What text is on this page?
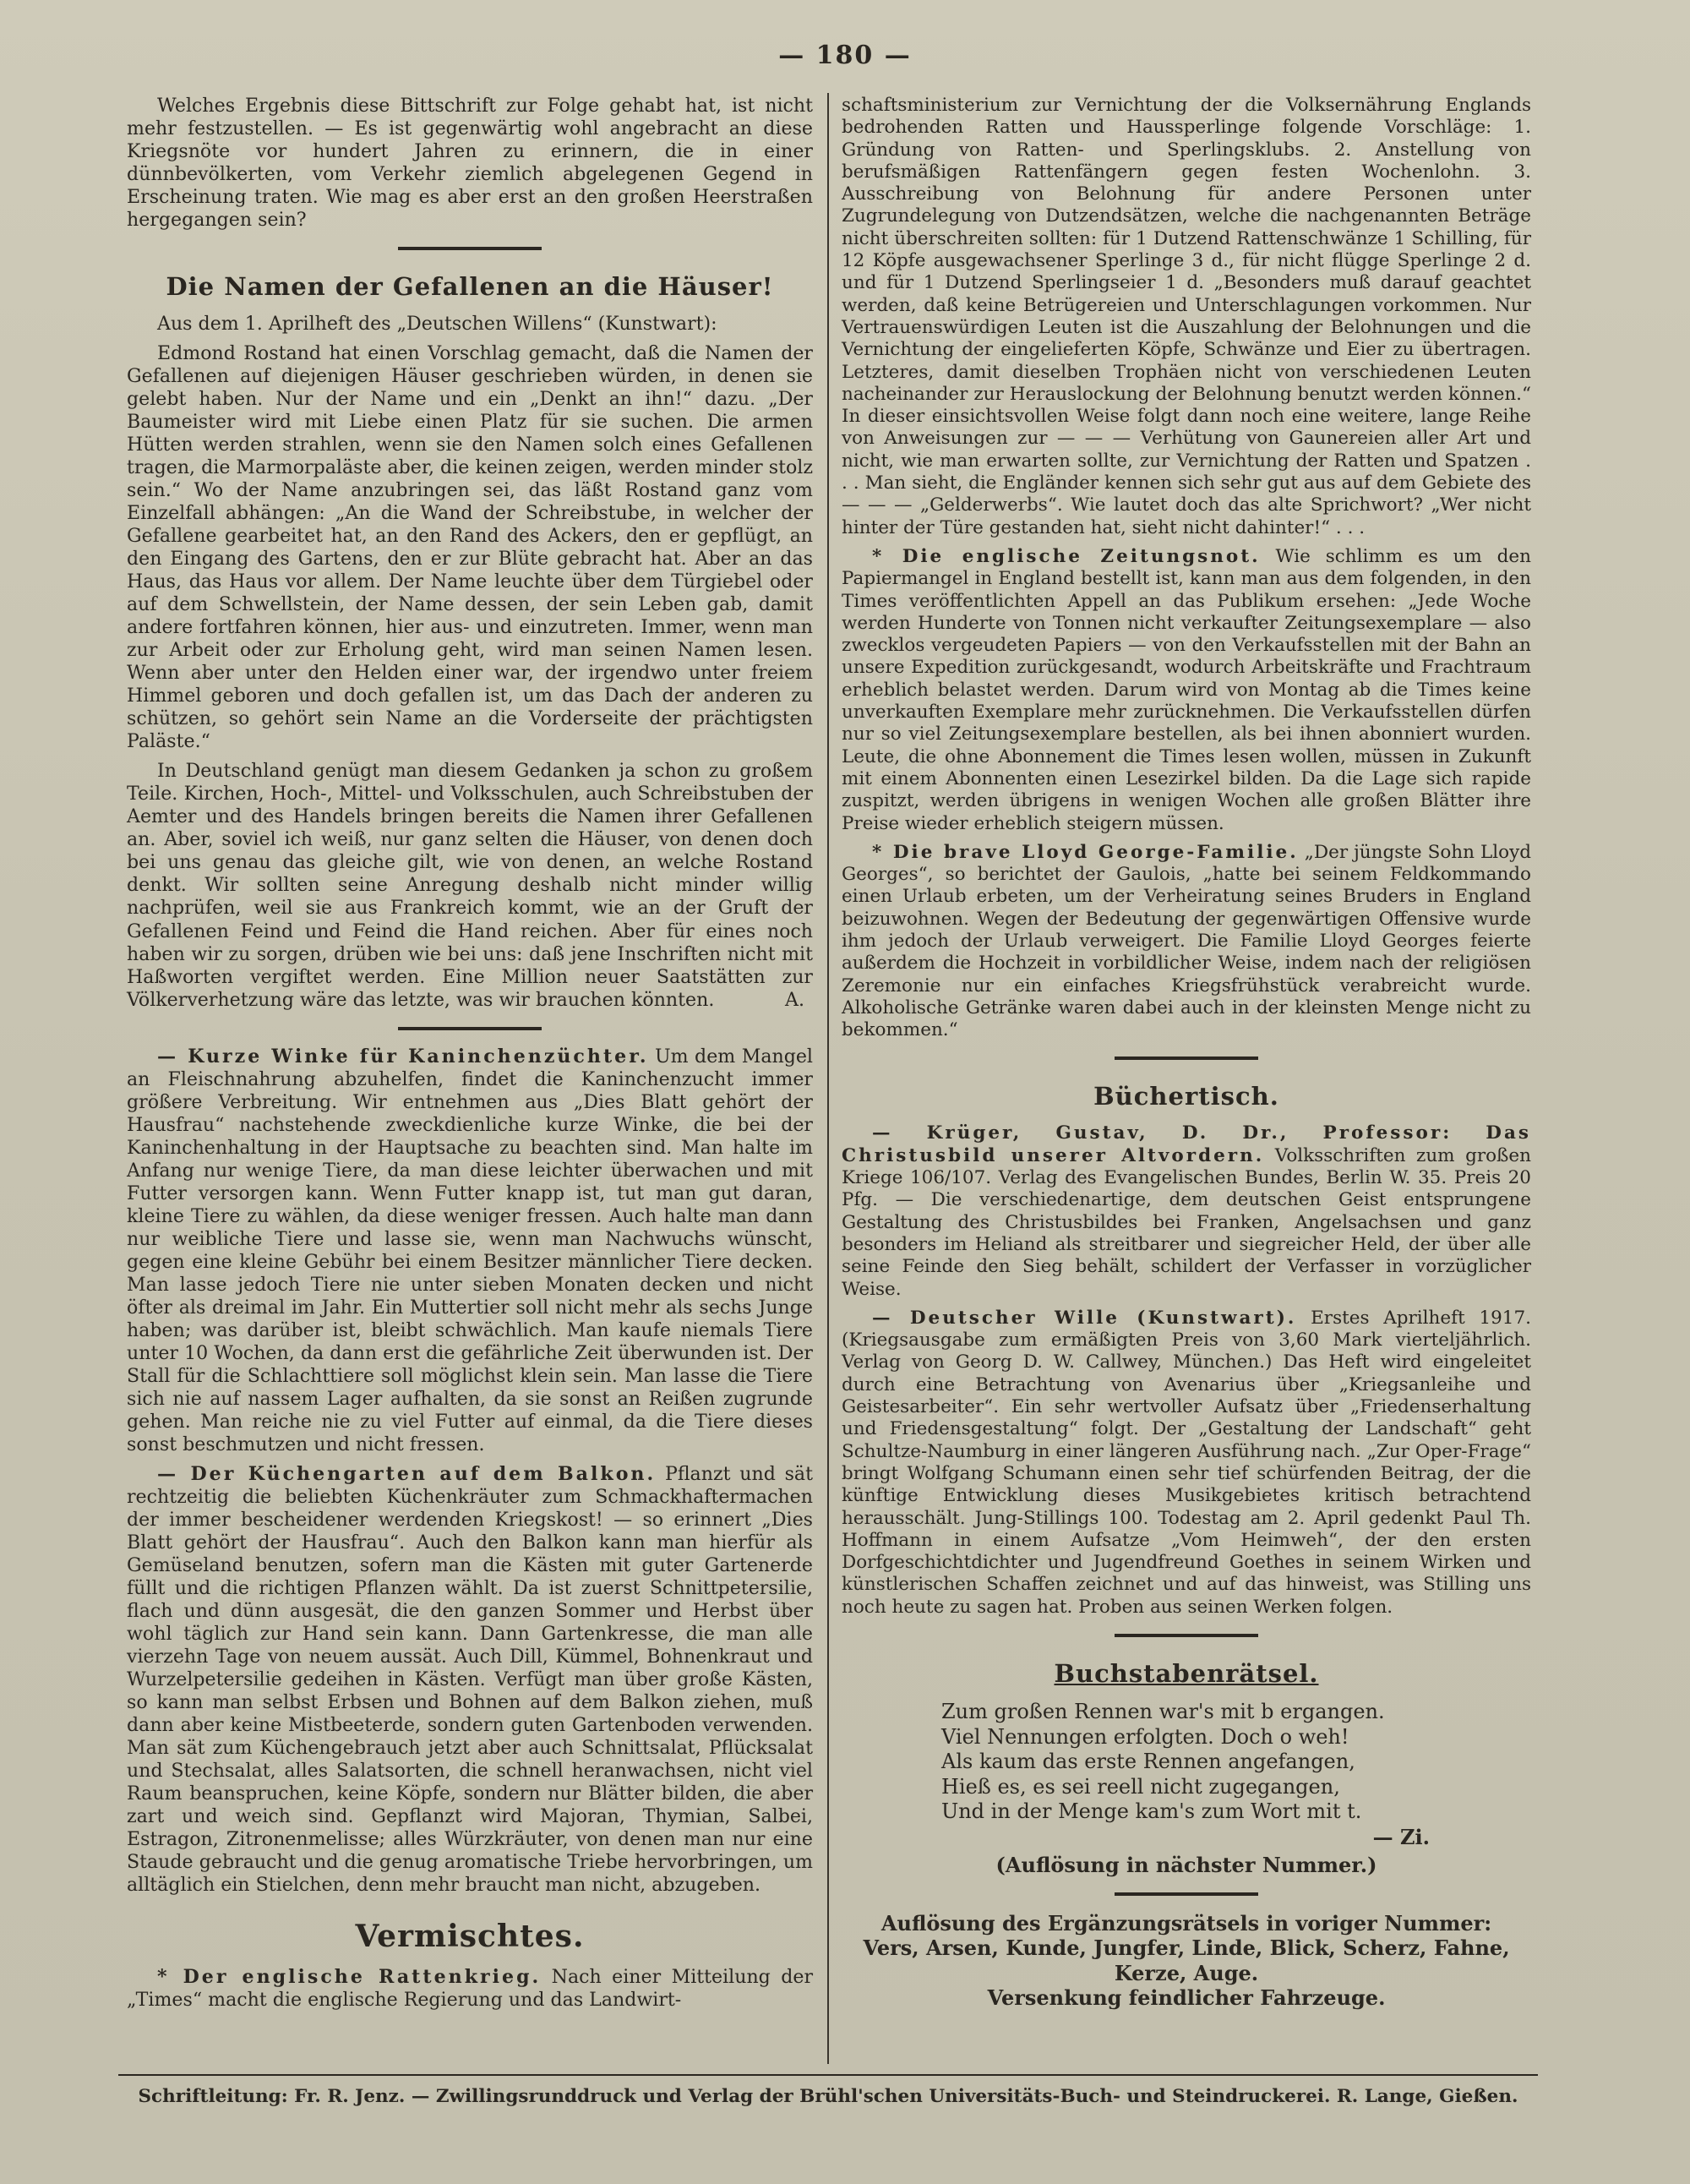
— 180 —

Welches Ergebnis diese Bittschrift zur Folge gehabt hat, ist nicht mehr festzustellen. — Es ist gegenwärtig wohl angebracht an diese Kriegsnöte vor hundert Jahren zu erinnern, die in einer dünnbevölkerten, vom Verkehr ziemlich abgelegenen Gegend in Erscheinung traten. Wie mag es aber erst an den großen Heerstraßen hergegangen sein?

Die Namen der Gefallenen an die Häuser!

Aus dem 1. Aprilheft des „Deutschen Willens“ (Kunstwart):

Edmond Rostand hat einen Vorschlag gemacht, daß die Namen der Gefallenen auf diejenigen Häuser geschrieben würden, in denen sie gelebt haben. Nur der Name und ein „Denkt an ihn!“ dazu. „Der Baumeister wird mit Liebe einen Platz für sie suchen. Die armen Hütten werden strahlen, wenn sie den Namen solch eines Gefallenen tragen, die Marmorpaläste aber, die keinen zeigen, werden minder stolz sein.“ Wo der Name anzubringen sei, das läßt Rostand ganz vom Einzelfall abhängen: „An die Wand der Schreibstube, in welcher der Gefallene gearbeitet hat, an den Rand des Ackers, den er gepflügt, an den Eingang des Gartens, den er zur Blüte gebracht hat. Aber an das Haus, das Haus vor allem. Der Name leuchte über dem Türgiebel oder auf dem Schwellstein, der Name dessen, der sein Leben gab, damit andere fortfahren können, hier aus- und einzutreten. Immer, wenn man zur Arbeit oder zur Erholung geht, wird man seinen Namen lesen. Wenn aber unter den Helden einer war, der irgendwo unter freiem Himmel geboren und doch gefallen ist, um das Dach der anderen zu schützen, so gehört sein Name an die Vorderseite der prächtigsten Paläste.“

In Deutschland genügt man diesem Gedanken ja schon zu großem Teile. Kirchen, Hoch-, Mittel- und Volksschulen, auch Schreibstuben der Aemter und des Handels bringen bereits die Namen ihrer Gefallenen an. Aber, soviel ich weiß, nur ganz selten die Häuser, von denen doch bei uns genau das gleiche gilt, wie von denen, an welche Rostand denkt. Wir sollten seine Anregung deshalb nicht minder willig nachprüfen, weil sie aus Frankreich kommt, wie an der Gruft der Gefallenen Feind und Feind die Hand reichen. Aber für eines noch haben wir zu sorgen, drüben wie bei uns: daß jene Inschriften nicht mit Haßworten vergiftet werden. Eine Million neuer Saatstätten zur Völkerverhetzung wäre das letzte, was wir brauchen könnten.	A.

— Kurze Winke für Kaninchenzüchter. Um dem Mangel an Fleischnahrung abzuhelfen, findet die Kaninchenzucht immer größere Verbreitung. Wir entnehmen aus „Dies Blatt gehört der Hausfrau“ nachstehende zweckdienliche kurze Winke, die bei der Kaninchenhaltung in der Hauptsache zu beachten sind. Man halte im Anfang nur wenige Tiere, da man diese leichter überwachen und mit Futter versorgen kann. Wenn Futter knapp ist, tut man gut daran, kleine Tiere zu wählen, da diese weniger fressen. Auch halte man dann nur weibliche Tiere und lasse sie, wenn man Nachwuchs wünscht, gegen eine kleine Gebühr bei einem Besitzer männlicher Tiere decken. Man lasse jedoch Tiere nie unter sieben Monaten decken und nicht öfter als dreimal im Jahr. Ein Muttertier soll nicht mehr als sechs Junge haben; was darüber ist, bleibt schwächlich. Man kaufe niemals Tiere unter 10 Wochen, da dann erst die gefährliche Zeit überwunden ist. Der Stall für die Schlachttiere soll möglichst klein sein. Man lasse die Tiere sich nie auf nassem Lager aufhalten, da sie sonst an Reißen zugrunde gehen. Man reiche nie zu viel Futter auf einmal, da die Tiere dieses sonst beschmutzen und nicht fressen.

— Der Küchengarten auf dem Balkon. Pflanzt und sät rechtzeitig die beliebten Küchenkräuter zum Schmackhaftermachen der immer bescheidener werdenden Kriegskost! — so erinnert „Dies Blatt gehört der Hausfrau“. Auch den Balkon kann man hierfür als Gemüseland benutzen, sofern man die Kästen mit guter Gartenerde füllt und die richtigen Pflanzen wählt. Da ist zuerst Schnittpetersilie, flach und dünn ausgesät, die den ganzen Sommer und Herbst über wohl täglich zur Hand sein kann. Dann Gartenkresse, die man alle vierzehn Tage von neuem aussät. Auch Dill, Kümmel, Bohnenkraut und Wurzelpetersilie gedeihen in Kästen. Verfügt man über große Kästen, so kann man selbst Erbsen und Bohnen auf dem Balkon ziehen, muß dann aber keine Mistbeeterde, sondern guten Gartenboden verwenden. Man sät zum Küchengebrauch jetzt aber auch Schnittsalat, Pflücksalat und Stechsalat, alles Salatsorten, die schnell heranwachsen, nicht viel Raum beanspruchen, keine Köpfe, sondern nur Blätter bilden, die aber zart und weich sind. Gepflanzt wird Majoran, Thymian, Salbei, Estragon, Zitronenmelisse; alles Würzkräuter, von denen man nur eine Staude gebraucht und die genug aromatische Triebe hervorbringen, um alltäglich ein Stielchen, denn mehr braucht man nicht, abzugeben.

Vermischtes.

* Der englische Rattenkrieg. Nach einer Mitteilung der „Times“ macht die englische Regierung und das Landwirt-

schaftsministerium zur Vernichtung der die Volksernährung Englands bedrohenden Ratten und Haussperlinge folgende Vorschläge: 1. Gründung von Ratten- und Sperlingsklubs. 2. Anstellung von berufsmäßigen Rattenfängern gegen festen Wochenlohn. 3. Ausschreibung von Belohnung für andere Personen unter Zugrundelegung von Dutzendsätzen, welche die nachgenannten Beträge nicht überschreiten sollten: für 1 Dutzend Rattenschwänze 1 Schilling, für 12 Köpfe ausgewachsener Sperlinge 3 d., für nicht flügge Sperlinge 2 d. und für 1 Dutzend Sperlingseier 1 d. „Besonders muß darauf geachtet werden, daß keine Betrügereien und Unterschlagungen vorkommen. Nur Vertrauenswürdigen Leuten ist die Auszahlung der Belohnungen und die Vernichtung der eingelieferten Köpfe, Schwänze und Eier zu übertragen. Letzteres, damit dieselben Trophäen nicht von verschiedenen Leuten nacheinander zur Herauslockung der Belohnung benutzt werden können.“ In dieser einsichtsvollen Weise folgt dann noch eine weitere, lange Reihe von Anweisungen zur — — — Verhütung von Gaunereien aller Art und nicht, wie man erwarten sollte, zur Vernichtung der Ratten und Spatzen . . . Man sieht, die Engländer kennen sich sehr gut aus auf dem Gebiete des — — — „Gelderwerbs“. Wie lautet doch das alte Sprichwort? „Wer nicht hinter der Türe gestanden hat, sieht nicht dahinter!“ . . .

* Die englische Zeitungsnot. Wie schlimm es um den Papiermangel in England bestellt ist, kann man aus dem folgenden, in den Times veröffentlichten Appell an das Publikum ersehen: „Jede Woche werden Hunderte von Tonnen nicht verkaufter Zeitungsexemplare — also zwecklos vergeudeten Papiers — von den Verkaufsstellen mit der Bahn an unsere Expedition zurückgesandt, wodurch Arbeitskräfte und Frachtraum erheblich belastet werden. Darum wird von Montag ab die Times keine unverkauften Exemplare mehr zurücknehmen. Die Verkaufsstellen dürfen nur so viel Zeitungsexemplare bestellen, als bei ihnen abonniert wurden. Leute, die ohne Abonnement die Times lesen wollen, müssen in Zukunft mit einem Abonnenten einen Lesezirkel bilden. Da die Lage sich rapide zuspitzt, werden übrigens in wenigen Wochen alle großen Blätter ihre Preise wieder erheblich steigern müssen.

* Die brave Lloyd George-Familie. „Der jüngste Sohn Lloyd Georges“, so berichtet der Gaulois, „hatte bei seinem Feldkommando einen Urlaub erbeten, um der Verheiratung seines Bruders in England beizuwohnen. Wegen der Bedeutung der gegenwärtigen Offensive wurde ihm jedoch der Urlaub verweigert. Die Familie Lloyd Georges feierte außerdem die Hochzeit in vorbildlicher Weise, indem nach der religiösen Zeremonie nur ein einfaches Kriegsfrühstück verabreicht wurde. Alkoholische Getränke waren dabei auch in der kleinsten Menge nicht zu bekommen.“

Büchertisch.

— Krüger, Gustav, D. Dr., Professor: Das Christusbild unserer Altvordern. Volksschriften zum großen Kriege 106/107. Verlag des Evangelischen Bundes, Berlin W. 35. Preis 20 Pfg. — Die verschiedenartige, dem deutschen Geist entsprungene Gestaltung des Christusbildes bei Franken, Angelsachsen und ganz besonders im Heliand als streitbarer und siegreicher Held, der über alle seine Feinde den Sieg behält, schildert der Verfasser in vorzüglicher Weise.

— Deutscher Wille (Kunstwart). Erstes Aprilheft 1917. (Kriegsausgabe zum ermäßigten Preis von 3,60 Mark vierteljährlich. Verlag von Georg D. W. Callwey, München.) Das Heft wird eingeleitet durch eine Betrachtung von Avenarius über „Kriegsanleihe und Geistesarbeiter“. Ein sehr wertvoller Aufsatz über „Friedenserhaltung und Friedensgestaltung“ folgt. Der „Gestaltung der Landschaft“ geht Schultze-Naumburg in einer längeren Ausführung nach. „Zur Oper-Frage“ bringt Wolfgang Schumann einen sehr tief schürfenden Beitrag, der die künftige Entwicklung dieses Musikgebietes kritisch betrachtend herausschält. Jung-Stillings 100. Todestag am 2. April gedenkt Paul Th. Hoffmann in einem Aufsatze „Vom Heimweh“, der den ersten Dorfgeschichtdichter und Jugendfreund Goethes in seinem Wirken und künstlerischen Schaffen zeichnet und auf das hinweist, was Stilling uns noch heute zu sagen hat. Proben aus seinen Werken folgen.

Buchstabenrätsel.
Zum großen Rennen war's mit b ergangen.
Viel Nennungen erfolgten. Doch o weh!
Als kaum das erste Rennen angefangen,
Hieß es, es sei reell nicht zugegangen,
Und in der Menge kam's zum Wort mit t.
— Zi.
(Auflösung in nächster Nummer.)
Auflösung des Ergänzungsrätsels in voriger Nummer:
Vers, Arsen, Kunde, Jungfer, Linde, Blick, Scherz, Fahne, Kerze, Auge.
Versenkung feindlicher Fahrzeuge.
Schriftleitung: Fr. R. Jenz. — Zwillingsrunddruck und Verlag der Brühl'schen Universitäts-Buch- und Steindruckerei. R. Lange, Gießen.
